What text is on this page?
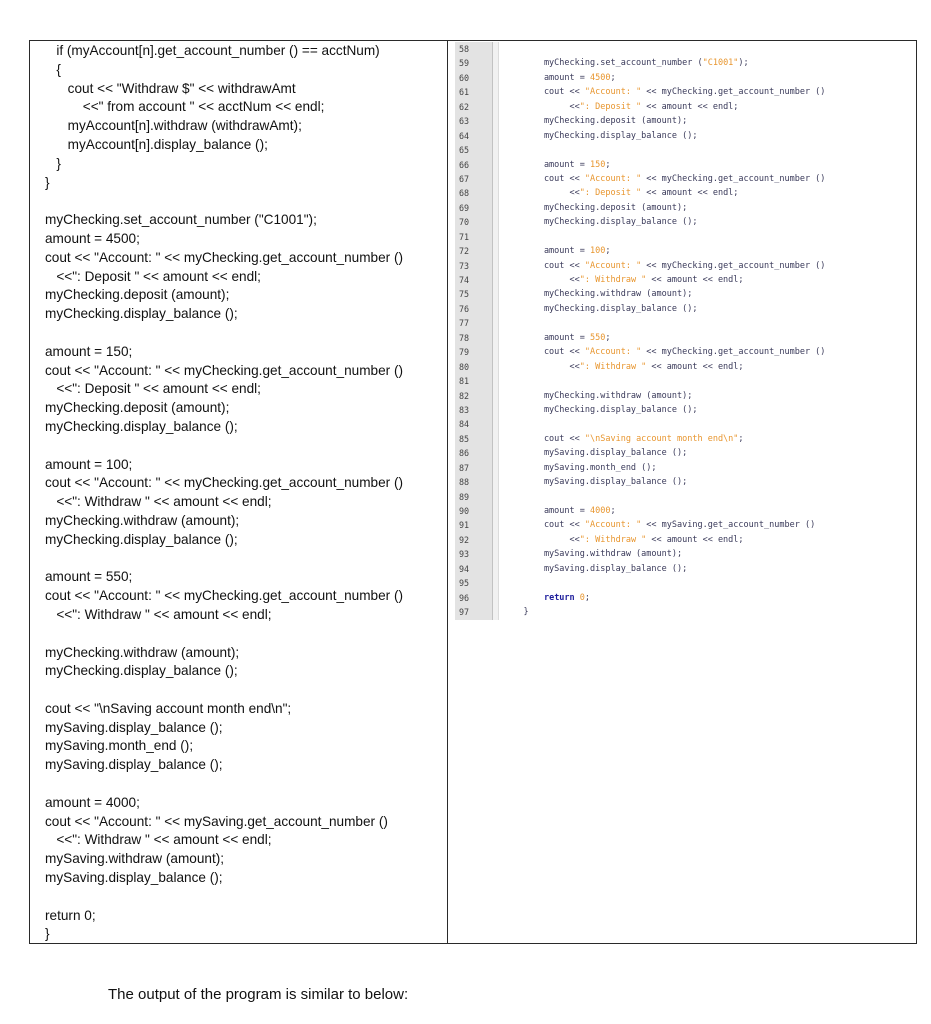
if (myAccount[n].get_account_number () == acctNum)
{
cout << "Withdraw $" << withdrawAmt
<<" from account " << acctNum << endl;
myAccount[n].withdraw (withdrawAmt);
myAccount[n].display_balance ();
}
}
myChecking.set_account_number ("C1001");
amount = 4500;
cout << "Account: " << myChecking.get_account_number ()
<<": Deposit " << amount << endl;
myChecking.deposit (amount);
myChecking.display_balance ();
amount = 150;
cout << "Account: " << myChecking.get_account_number ()
<<": Deposit " << amount << endl;
myChecking.deposit (amount);
myChecking.display_balance ();
amount = 100;
cout << "Account: " << myChecking.get_account_number ()
<<": Withdraw " << amount << endl;
myChecking.withdraw (amount);
myChecking.display_balance ();
amount = 550;
cout << "Account: " << myChecking.get_account_number ()
<<": Withdraw " << amount << endl;
myChecking.withdraw (amount);
myChecking.display_balance ();
cout << "\nSaving account month end\n";
mySaving.display_balance ();
mySaving.month_end ();
mySaving.display_balance ();
amount = 4000;
cout << "Account: " << mySaving.get_account_number ()
<<": Withdraw " << amount << endl;
mySaving.withdraw (amount);
mySaving.display_balance ();
return 0;
}
58
59
60
61
62
63
64
65
66
67
68
69
70
71
72
73
74
75
76
77
78
79
80
81
82
83
84
85
86
87
88
89
90
91
92
93
94
95
96
97
myChecking.set_account_number ("C1001");
amount = 4500;
cout << "Account: " << myChecking.get_account_number ()
<<": Deposit " << amount << endl;
myChecking.deposit (amount);
myChecking.display_balance ();
amount = 150;
cout << "Account: " << myChecking.get_account_number ()
<<": Deposit " << amount << endl;
myChecking.deposit (amount);
myChecking.display_balance ();
amount = 100;
cout << "Account: " << myChecking.get_account_number ()
<<": Withdraw " << amount << endl;
myChecking.withdraw (amount);
myChecking.display_balance ();
amount = 550;
cout << "Account: " << myChecking.get_account_number ()
<<": Withdraw " << amount << endl;
myChecking.withdraw (amount);
myChecking.display_balance ();
cout << "\nSaving account month end\n";
mySaving.display_balance ();
mySaving.month_end ();
mySaving.display_balance ();
amount = 4000;
cout << "Account: " << mySaving.get_account_number ()
<<": Withdraw " << amount << endl;
mySaving.withdraw (amount);
mySaving.display_balance ();
return 0;
}
The output of the program is similar to below:
